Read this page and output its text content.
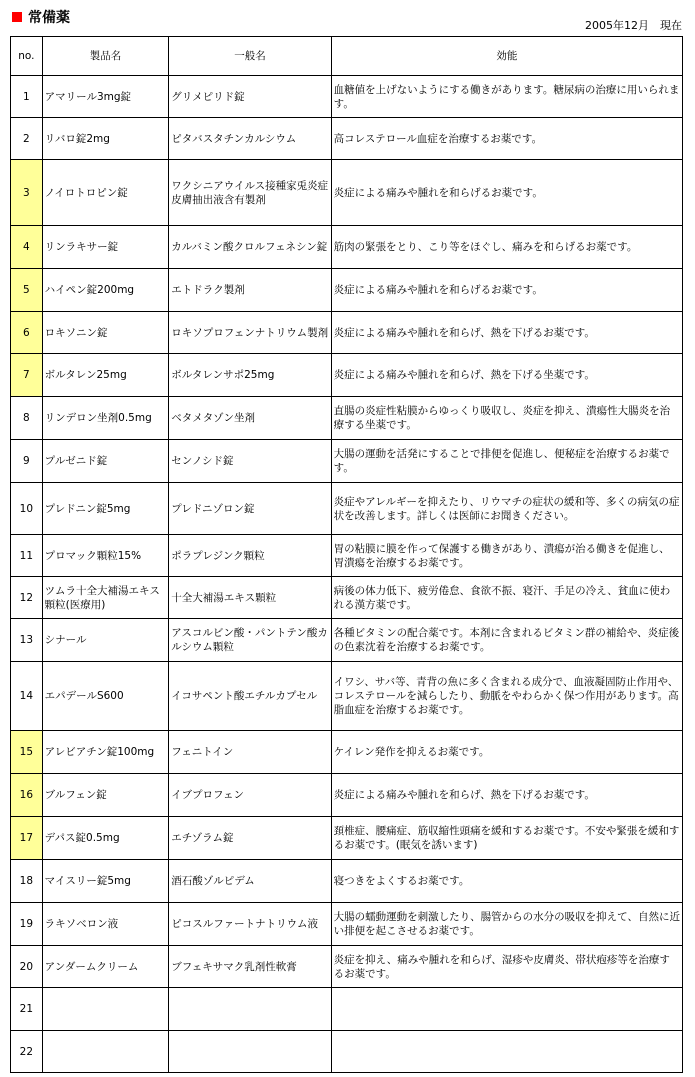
常備薬	2005年12月　現在
no.	製品名	一般名	効能
1	アマリール3mg錠	グリメピリド錠	血糖値を上げないようにする働きがあります。糖尿病の治療に用いられます。
2	リバロ錠2mg	ピタバスタチンカルシウム	高コレステロール血症を治療するお薬です。
3	ノイロトロピン錠	ワクシニアウイルス接種家兎炎症皮膚抽出液含有製剤	炎症による痛みや腫れを和らげるお薬です。
4	リンラキサー錠	カルバミン酸クロルフェネシン錠	筋肉の緊張をとり、こり等をほぐし、痛みを和らげるお薬です。
5	ハイペン錠200mg	エトドラク製剤	炎症による痛みや腫れを和らげるお薬です。
6	ロキソニン錠	ロキソプロフェンナトリウム製剤	炎症による痛みや腫れを和らげ、熱を下げるお薬です。
7	ボルタレン25mg	ボルタレンサポ25mg	炎症による痛みや腫れを和らげ、熱を下げる坐薬です。
8	リンデロン坐剤0.5mg	ベタメタゾン坐剤	直腸の炎症性粘膜からゆっくり吸収し、炎症を抑え、潰瘍性大腸炎を治療する坐薬です。
9	プルゼニド錠	センノシド錠	大腸の運動を活発にすることで排便を促進し、便秘症を治療するお薬です。
10	プレドニン錠5mg	プレドニゾロン錠	炎症やアレルギーを抑えたり、リウマチの症状の緩和等、多くの病気の症状を改善します。詳しくは医師にお聞きください。
11	プロマック顆粒15%	ポラプレジンク顆粒	胃の粘膜に膜を作って保護する働きがあり、潰瘍が治る働きを促進し、胃潰瘍を治療するお薬です。
12	ツムラ十全大補湯エキス顆粒(医療用)	十全大補湯エキス顆粒	病後の体力低下、疲労倦怠、食欲不振、寝汗、手足の冷え、貧血に使われる漢方薬です。
13	シナール	アスコルビン酸・パントテン酸カルシウム顆粒	各種ビタミンの配合薬です。本剤に含まれるビタミン群の補給や、炎症後の色素沈着を治療するお薬です。
14	エパデールS600	イコサペント酸エチルカプセル	イワシ、サバ等、青背の魚に多く含まれる成分で、血液凝固防止作用や、コレステロールを減らしたり、動脈をやわらかく保つ作用があります。高脂血症を治療するお薬です。
15	アレビアチン錠100mg	フェニトイン	ケイレン発作を抑えるお薬です。
16	ブルフェン錠	イブプロフェン	炎症による痛みや腫れを和らげ、熱を下げるお薬です。
17	デパス錠0.5mg	エチゾラム錠	頚椎症、腰痛症、筋収縮性頭痛を緩和するお薬です。不安や緊張を緩和するお薬です。(眠気を誘います)
18	マイスリー錠5mg	酒石酸ゾルピデム	寝つきをよくするお薬です。
19	ラキソベロン液	ピコスルファートナトリウム液	大腸の蠕動運動を刺激したり、腸管からの水分の吸収を抑えて、自然に近い排便を起こさせるお薬です。
20	アンダームクリーム	ブフェキサマク乳剤性軟膏	炎症を抑え、痛みや腫れを和らげ、湿疹や皮膚炎、帯状疱疹等を治療するお薬です。
21			
22			
